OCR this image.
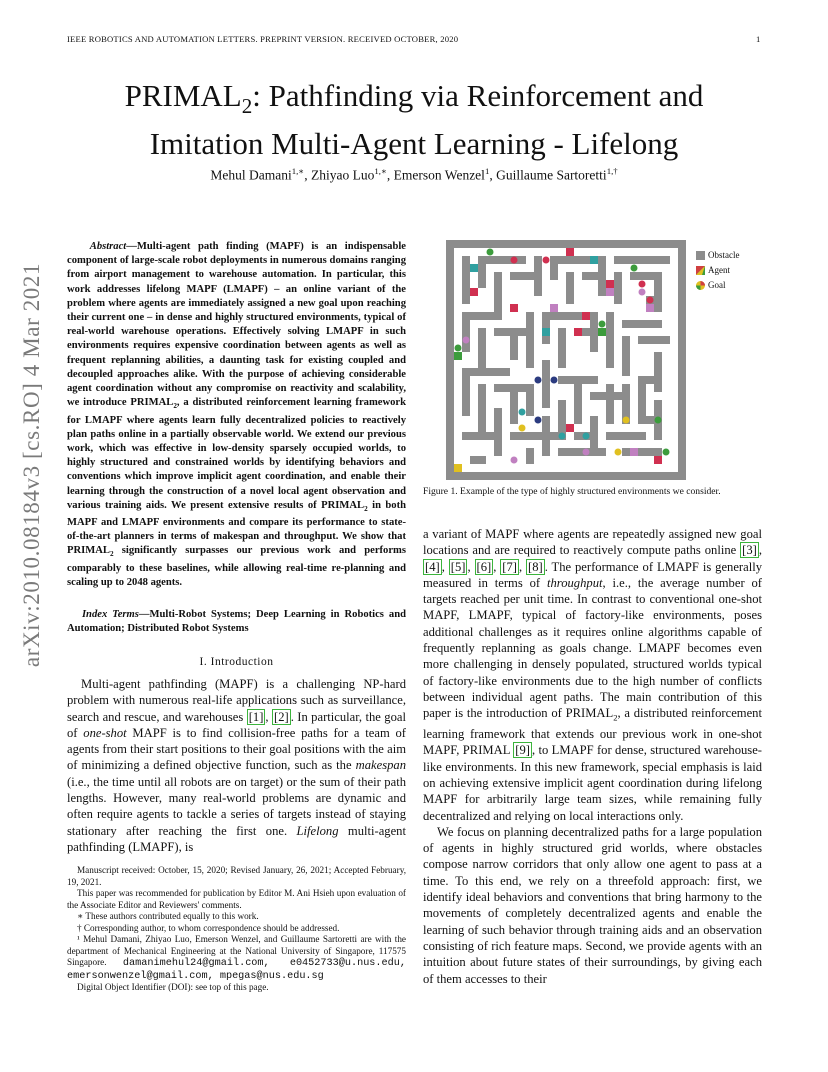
IEEE ROBOTICS AND AUTOMATION LETTERS. PREPRINT VERSION. RECEIVED OCTOBER, 2020	1
$PRIMAL_2$: Pathfinding via Reinforcement and
Imitation Multi-Agent Learning - Lifelong
Mehul Damani$^{1,∗}$, Zhiyao Luo$^{1,∗}$, Emerson Wenzel$^1$, Guillaume Sartoretti$^{1,\dagger}$
arXiv:2010.08184v3 [cs.RO] 4 Mar 2021
Abstract—Multi-agent path finding (MAPF) is an indispensable component of large-scale robot deployments in numerous domains ranging from airport management to warehouse automation. In particular, this work addresses lifelong MAPF (LMAPF) – an online variant of the problem where agents are immediately assigned a new goal upon reaching their current one – in dense and highly structured environments, typical of real-world warehouse operations. Effectively solving LMAPF in such environments requires expensive coordination between agents as well as frequent replanning abilities, a daunting task for existing coupled and decoupled approaches alike. With the purpose of achieving considerable agent coordination without any compromise on reactivity and scalability, we introduce $PRIMAL_2$, a distributed reinforcement learning framework for LMAPF where agents learn fully decentralized policies to reactively plan paths online in a partially observable world. We extend our previous work, which was effective in low-density sparsely occupied worlds, to highly structured and constrained worlds by identifying behaviors and conventions which improve implicit agent coordination, and enable their learning through the construction of a novel local agent observation and various training aids. We present extensive results of $PRIMAL_2$ in both MAPF and LMAPF environments and compare its performance to state-of-the-art planners in terms of makespan and throughput. We show that $PRIMAL_2$ significantly surpasses our previous work and performs comparably to these baselines, while allowing real-time re-planning and scaling up to 2048 agents.
Index Terms—Multi-Robot Systems; Deep Learning in Robotics and Automation; Distributed Robot Systems
I. Introduction

Multi-agent pathfinding (MAPF) is a challenging NP-hard problem with numerous real-life applications such as surveillance, search and rescue, and warehouses [1] , [2] . In particular, the goal of one-shot MAPF is to find collision-free paths for a team of agents from their start positions to their goal positions with the aim of minimizing a defined objective function, such as the makespan (i.e., the time until all robots are on target) or the sum of their path lengths. However, many real-world problems are dynamic and often require agents to tackle a series of targets instead of staying stationary after reaching the first one. Lifelong multi-agent pathfinding (LMAPF), is

Manuscript received: October, 15, 2020; Revised January, 26, 2021; Accepted February, 19, 2021.

This paper was recommended for publication by Editor M. Ani Hsieh upon evaluation of the Associate Editor and Reviewers' comments.

∗ These authors contributed equally to this work.

† Corresponding author, to whom correspondence should be addressed.

¹ Mehul Damani, Zhiyao Luo, Emerson Wenzel, and Guillaume Sartoretti are with the department of Mechanical Engineering at the National University of Singapore, 117575 Singapore. damanimehul24@gmail.com, e0452733@u.nus.edu, emersonwenzel@gmail.com, mpegas@nus.edu.sg

Digital Object Identifier (DOI): see top of this page.

Obstacle
Agent
Goal
Figure 1. Example of the type of highly structured environments we consider.

a variant of MAPF where agents are repeatedly assigned new goal locations and are required to reactively compute paths online [3] , [4] , [5] , [6] , [7] , [8] . The performance of LMAPF is generally measured in terms of throughput, i.e., the average number of targets reached per unit time. In contrast to conventional one-shot MAPF, LMAPF, typical of factory-like environments, poses additional challenges as it requires online algorithms capable of frequently replanning as goals change. LMAPF becomes even more challenging in densely populated, structured worlds typical of factory-like environments due to the high number of conflicts between individual agent paths. The main contribution of this paper is the introduction of $PRIMAL_2$, a distributed reinforcement learning framework that extends our previous work in one-shot MAPF, PRIMAL [9] , to LMAPF for dense, structured warehouse-like environments. In this new framework, special emphasis is laid on achieving extensive implicit agent coordination during lifelong MAPF for arbitrarily large team sizes, while remaining fully decentralized and relying on local interactions only.

We focus on planning decentralized paths for a large population of agents in highly structured grid worlds, where obstacles compose narrow corridors that only allow one agent to pass at a time. To this end, we rely on a threefold approach: first, we identify ideal behaviors and conventions that bring harmony to the movements of completely decentralized agents and enable the learning of such behavior through training aids and an observation consisting of rich feature maps. Second, we provide agents with an intuition about future states of their surroundings, by giving each of them accesses to their
